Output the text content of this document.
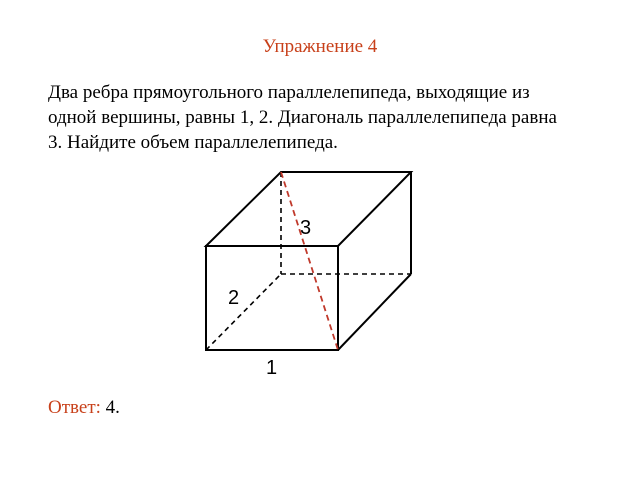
Упражнение 4
Два ребра прямоугольного параллелепипеда, выходящие из
одной вершины, равны 1, 2. Диагональ параллелепипеда равна
3. Найдите объем параллелепипеда.
3
2
1
Ответ: 4.
